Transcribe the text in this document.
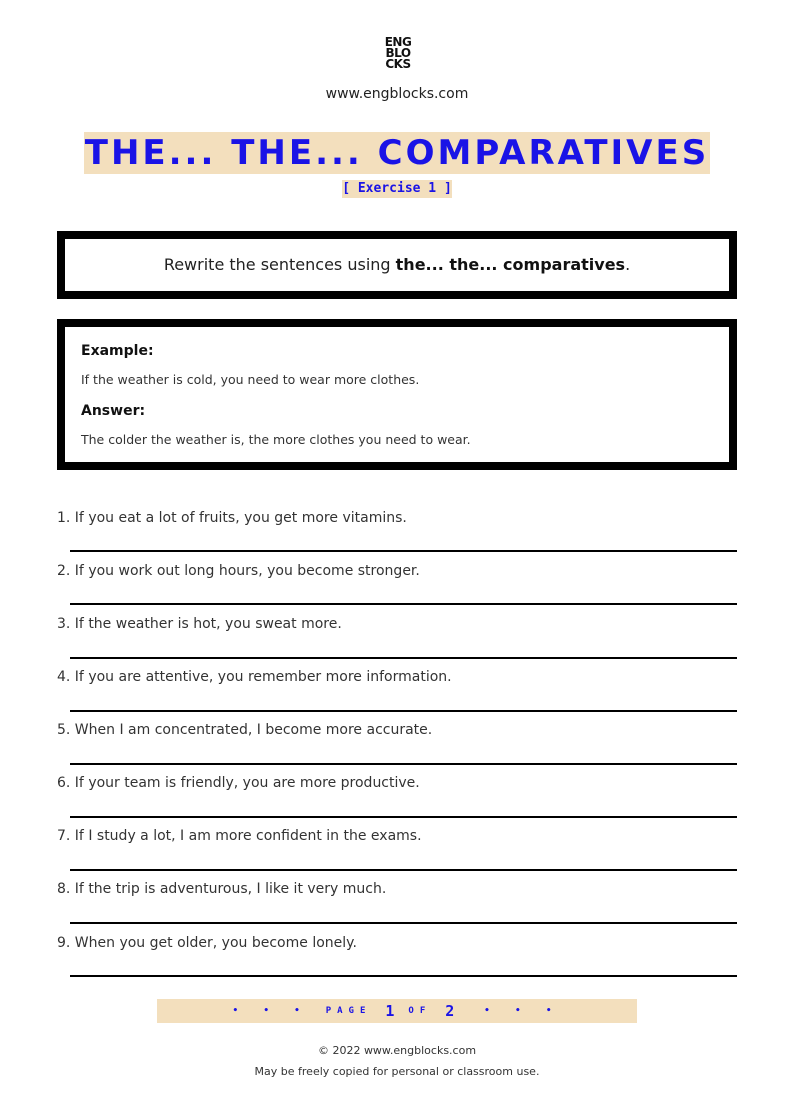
ENG
BLO
CKS
www.engblocks.com
THE... THE... COMPARATIVES
[ Exercise 1 ]
Rewrite the sentences using the... the... comparatives.
Example:
If the weather is cold, you need to wear more clothes.
Answer:
The colder the weather is, the more clothes you need to wear.
1. If you eat a lot of fruits, you get more vitamins.
2. If you work out long hours, you become stronger.
3. If the weather is hot, you sweat more.
4. If you are attentive, you remember more information.
5. When I am concentrated, I become more accurate.
6. If your team is friendly, you are more productive.
7. If I study a lot, I am more confident in the exams.
8. If the trip is adventurous, I like it very much.
9. When you get older, you become lonely.
• • • PAGE 1 OF 2	• • •
© 2022 www.engblocks.com
May be freely copied for personal or classroom use.
